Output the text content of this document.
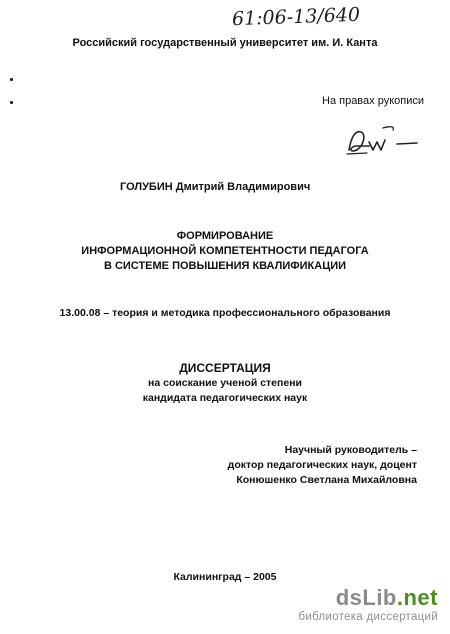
61:06-13/640
Российский государственный университет им. И. Канта
На правах рукописи
ГОЛУБИН Дмитрий Владимирович
ФОРМИРОВАНИЕ
ИНФОРМАЦИОННОЙ КОМПЕТЕНТНОСТИ ПЕДАГОГА
В СИСТЕМЕ ПОВЫШЕНИЯ КВАЛИФИКАЦИИ
13.00.08 – теория и методика профессионального образования
ДИССЕРТАЦИЯ
на соискание ученой степени
кандидата педагогических наук
Научный руководитель –
доктор педагогических наук, доцент
Конюшенко Светлана Михайловна
Калининград – 2005
dsLib.net
библиотека диссертаций
